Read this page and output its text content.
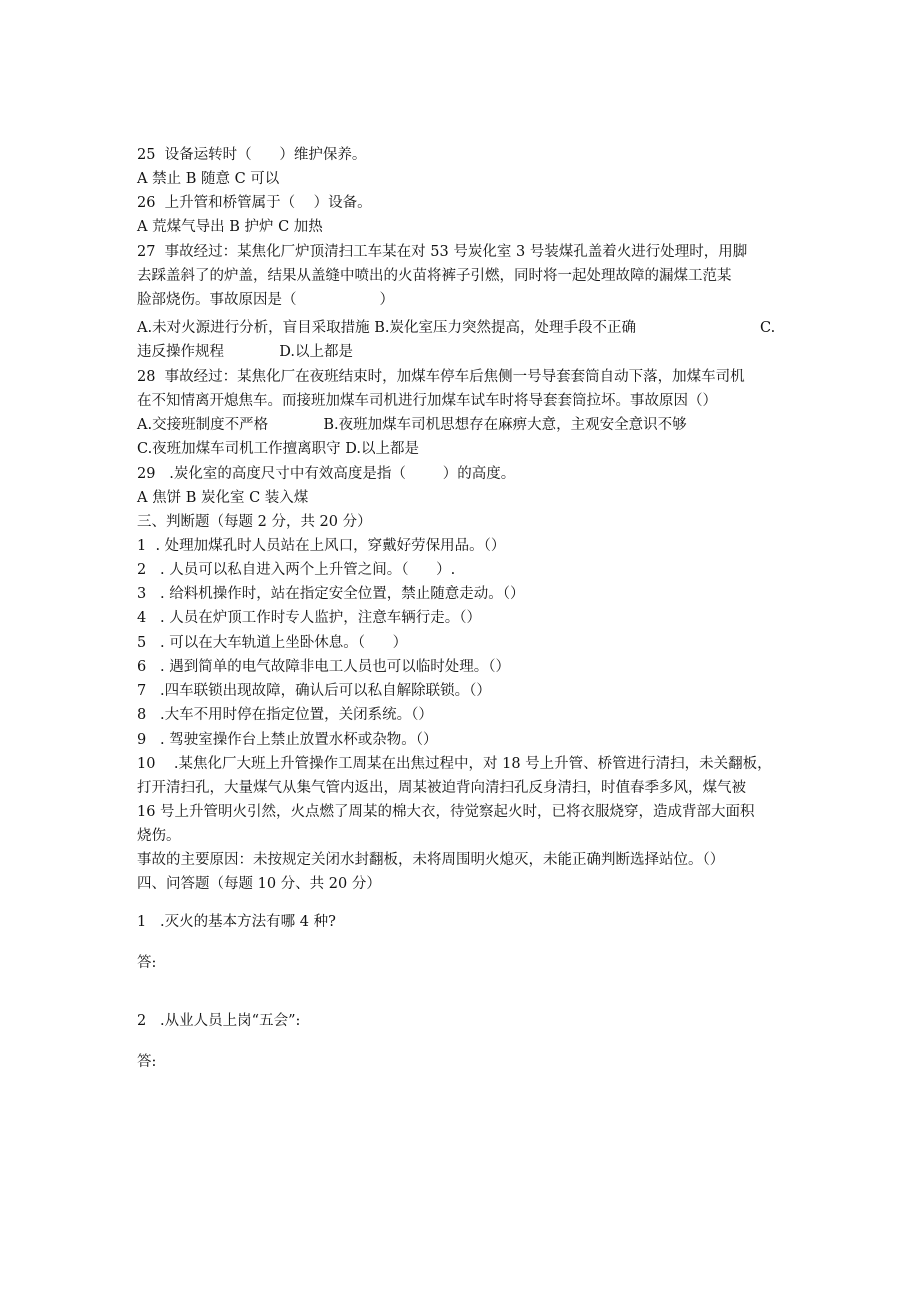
25  设备运转时（      ）维护保养。
A 禁止 B 随意 C 可以
26  上升管和桥管属于（    ）设备。
A 荒煤气导出 B 护炉 C 加热
27  事故经过：某焦化厂炉顶清扫工车某在对 53 号炭化室 3 号装煤孔盖着火进行处理时，用脚
去踩盖斜了的炉盖，结果从盖缝中喷出的火苗将裤子引燃，同时将一起处理故障的漏煤工范某
脸部烧伤。事故原因是（                  ）
A.未对火源进行分析，盲目采取措施 B.炭化室压力突然提高，处理手段不正确	C.
违反操作规程            D.以上都是
28  事故经过：某焦化厂在夜班结束时，加煤车停车后焦侧一号导套套筒自动下落，加煤车司机
在不知情离开熄焦车。而接班加煤车司机进行加煤车试车时将导套套筒拉坏。事故原因（）
A.交接班制度不严格            B.夜班加煤车司机思想存在麻痹大意，主观安全意识不够
C.夜班加煤车司机工作擅离职守 D.以上都是
29   .炭化室的高度尺寸中有效高度是指（        ）的高度。
A 焦饼 B 炭化室 C 装入煤
三、判断题（每题 2 分，共 20 分）
1  . 处理加煤孔时人员站在上风口，穿戴好劳保用品。（）
2   . 人员可以私自进入两个上升管之间。（      ）.
3   . 给料机操作时，站在指定安全位置，禁止随意走动。（）
4   . 人员在炉顶工作时专人监护，注意车辆行走。（）
5   . 可以在大车轨道上坐卧休息。（      ）
6   . 遇到简单的电气故障非电工人员也可以临时处理。（）
7   .四车联锁出现故障，确认后可以私自解除联锁。（）
8   .大车不用时停在指定位置，关闭系统。（）
9   . 驾驶室操作台上禁止放置水杯或杂物。（）
10    .某焦化厂大班上升管操作工周某在出焦过程中，对 18 号上升管、桥管进行清扫，未关翻板，
打开清扫孔，大量煤气从集气管内返出，周某被迫背向清扫孔反身清扫，时值春季多风，煤气被
16 号上升管明火引然，火点燃了周某的棉大衣，待觉察起火时，已将衣服烧穿，造成背部大面积
烧伤。
事故的主要原因：未按规定关闭水封翻板，未将周围明火熄灭，未能正确判断选择站位。（）
四、问答题（每题 10 分、共 20 分）
1   .灭火的基本方法有哪 4 种?
答:
2   .从业人员上岗“五会”:
答:
